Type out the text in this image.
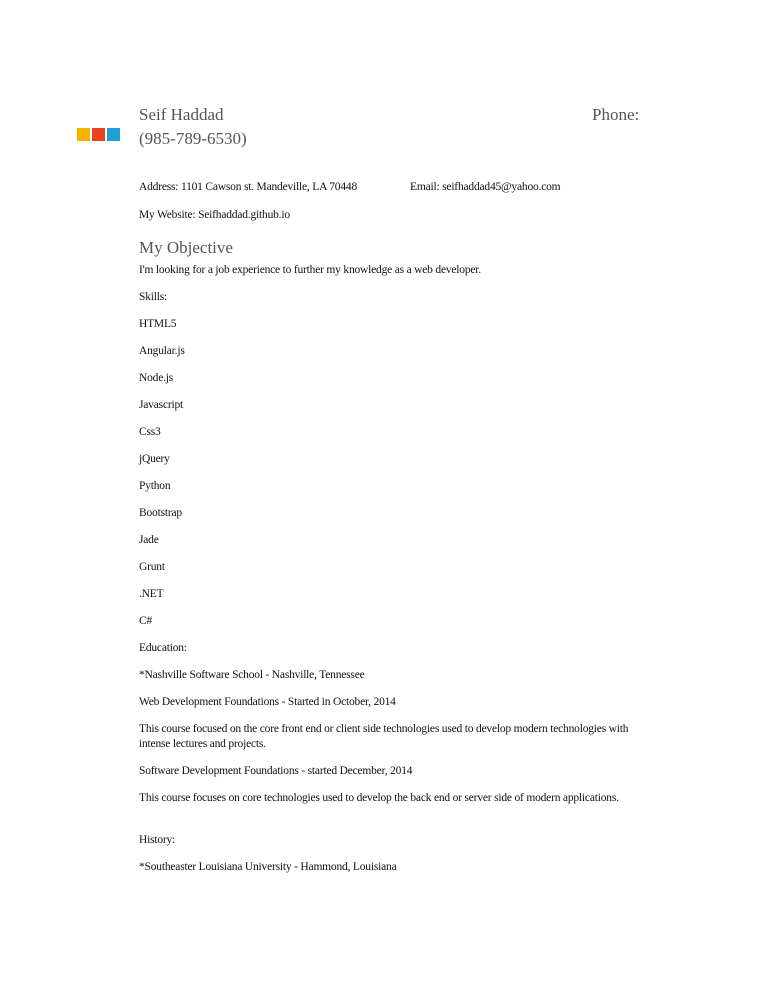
Seif Haddad	Phone:
(985-789-6530)
Address: 1101 Cawson st. Mandeville, LA 70448	Email: seifhaddad45@yahoo.com
My Website: Seifhaddad.github.io
My Objective
I'm looking for a job experience to further my knowledge as a web developer.
Skills:
HTML5
Angular.js
Node.js
Javascript
Css3
jQuery
Python
Bootstrap
Jade
Grunt
.NET
C#
Education:
*Nashville Software School - Nashville, Tennessee
Web Development Foundations - Started in October, 2014
This course focused on the core front end or client side technologies used to develop modern technologies with intense lectures and projects.
Software Development Foundations - started December, 2014
This course focuses on core technologies used to develop the back end or server side of modern applications.
History:
*Southeaster Louisiana University - Hammond, Louisiana
